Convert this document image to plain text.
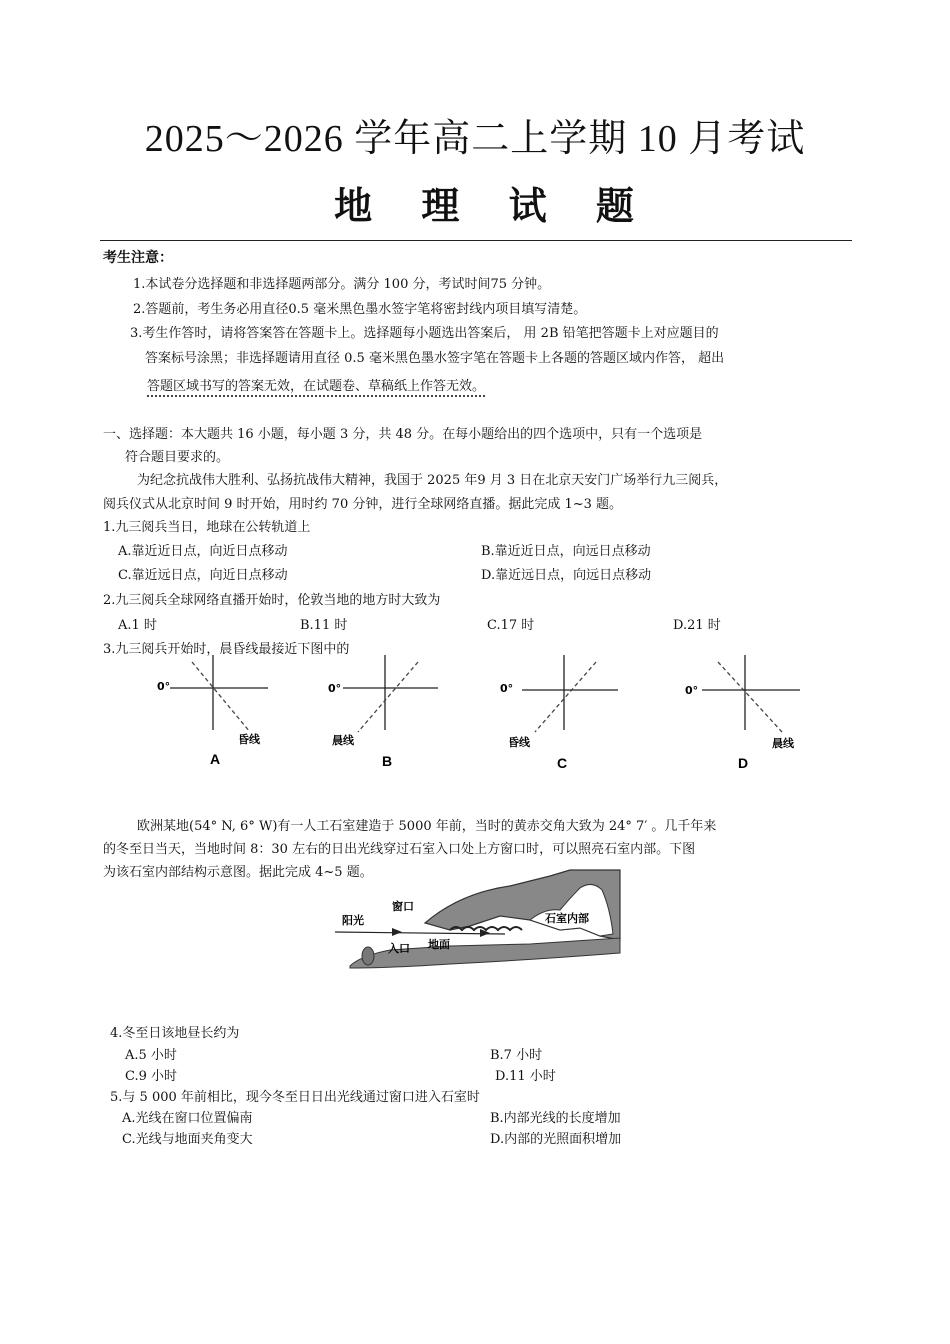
2025～2026 学年高二上学期 10 月考试
地 理 试 题
考生注意：
1.本试卷分选择题和非选择题两部分。满分 100 分，考试时间75 分钟。
2.答题前，考生务必用直径0.5 毫米黑色墨水签字笔将密封线内项目填写清楚。
3.考生作答时，请将答案答在答题卡上。选择题每小题选出答案后， 用 2B 铅笔把答题卡上对应题目的
答案标号涂黑；非选择题请用直径 0.5 毫米黑色墨水签字笔在答题卡上各题的答题区域内作答， 超出
答题区域书写的答案无效，在试题卷、草稿纸上作答无效。
一、选择题：本大题共 16 小题，每小题 3 分，共 48 分。在每小题给出的四个选项中，只有一个选项是
符合题目要求的。
为纪念抗战伟大胜利、弘扬抗战伟大精神，我国于 2025 年9 月 3 日在北京天安门广场举行九三阅兵，
阅兵仪式从北京时间 9 时开始，用时约 70 分钟，进行全球网络直播。据此完成 1~3 题。
1.九三阅兵当日，地球在公转轨道上
A.靠近近日点，向近日点移动	B.靠近近日点，向远日点移动
C.靠近远日点，向近日点移动	D.靠近远日点，向远日点移动
2.九三阅兵全球网络直播开始时，伦敦当地的地方时大致为
A.1 时	B.11 时	C.17 时	D.21 时
3.九三阅兵开始时，晨昏线最接近下图中的
0°
昏线
A
0°
晨线
B
0°
昏线
C
0°
晨线
D
欧洲某地(54° N, 6° W)有一人工石室建造于 5000 年前，当时的黄赤交角大致为 24° 7′ 。几千年来
的冬至日当天，当地时间 8：30 左右的日出光线穿过石室入口处上方窗口时，可以照亮石室内部。下图
为该石室内部结构示意图。据此完成 4~5 题。
阳光
窗口
入口 地面
石室内部
4.冬至日该地昼长约为
A.5 小时	B.7 小时
C.9 小时	D.11 小时
5.与 5 000 年前相比，现今冬至日日出光线通过窗口进入石室时
A.光线在窗口位置偏南	B.内部光线的长度增加
C.光线与地面夹角变大	D.内部的光照面积增加
